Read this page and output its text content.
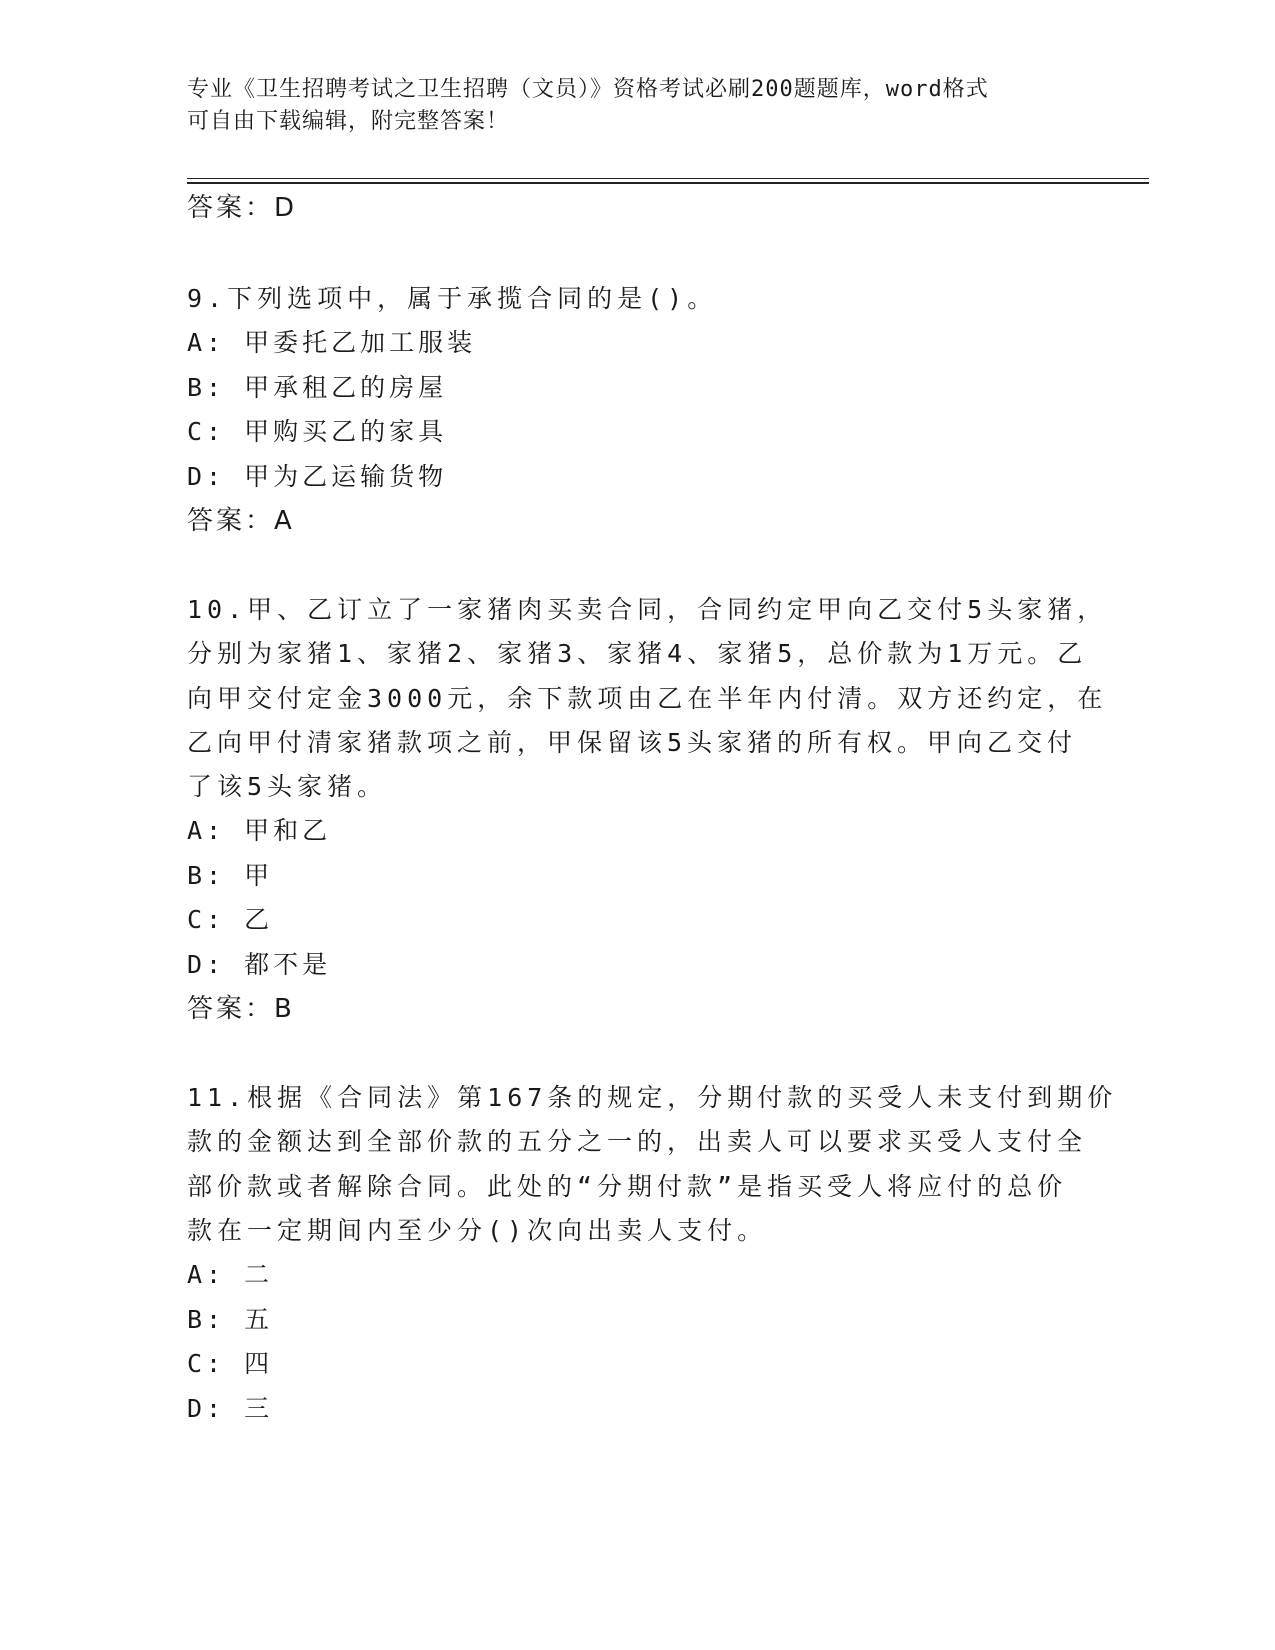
专业《卫生招聘考试之卫生招聘（文员）》资格考试必刷200题题库，word格式

可自由下载编辑，附完整答案！

答案：D

9.下列选项中，属于承揽合同的是()。

A: 甲委托乙加工服装

B: 甲承租乙的房屋

C: 甲购买乙的家具

D: 甲为乙运输货物

答案：A

10.甲、乙订立了一家猪肉买卖合同，合同约定甲向乙交付5头家猪，

分别为家猪1、家猪2、家猪3、家猪4、家猪5，总价款为1万元。乙

向甲交付定金3000元，余下款项由乙在半年内付清。双方还约定，在

乙向甲付清家猪款项之前，甲保留该5头家猪的所有权。甲向乙交付

了该5头家猪。

A: 甲和乙

B: 甲

C: 乙

D: 都不是

答案：B

11.根据《合同法》第167条的规定，分期付款的买受人未支付到期价

款的金额达到全部价款的五分之一的，出卖人可以要求买受人支付全

部价款或者解除合同。此处的“分期付款”是指买受人将应付的总价

款在一定期间内至少分()次向出卖人支付。

A: 二

B: 五

C: 四

D: 三
